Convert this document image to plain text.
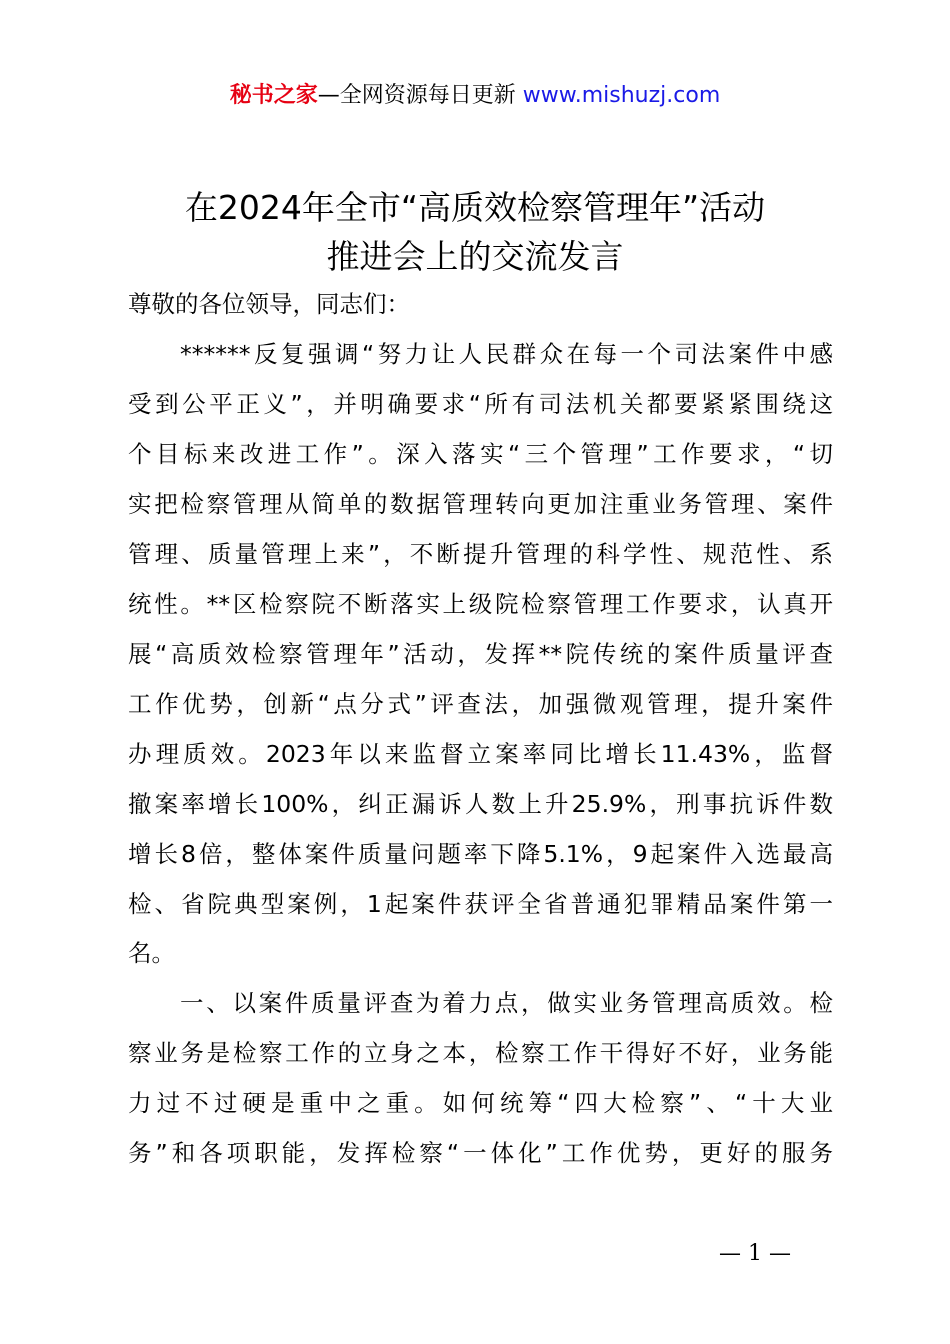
秘书之家—全网资源每日更新 www.mishuzj.com
在2024年全市“高质效检察管理年”活动
推进会上的交流发言
尊敬的各位领导，同志们：
******反复强调“努力让人民群众在每一个司法案件中感
受到公平正义”，并明确要求“所有司法机关都要紧紧围绕这
个目标来改进工作”。深入落实“三个管理”工作要求，“切
实把检察管理从简单的数据管理转向更加注重业务管理、案件
管理、质量管理上来”，不断提升管理的科学性、规范性、系
统性。**区检察院不断落实上级院检察管理工作要求，认真开
展“高质效检察管理年”活动，发挥**院传统的案件质量评查
工作优势，创新“点分式”评查法，加强微观管理，提升案件
办理质效。2023年以来监督立案率同比增长11.43%，监督
撤案率增长100%，纠正漏诉人数上升25.9%，刑事抗诉件数
增长8倍，整体案件质量问题率下降5.1%，9起案件入选最高
检、省院典型案例，1起案件获评全省普通犯罪精品案件第一
名。
一、以案件质量评查为着力点，做实业务管理高质效。检
察业务是检察工作的立身之本，检察工作干得好不好，业务能
力过不过硬是重中之重。如何统筹“四大检察”、“十大业
务”和各项职能，发挥检察“一体化”工作优势，更好的服务
— 1 —
